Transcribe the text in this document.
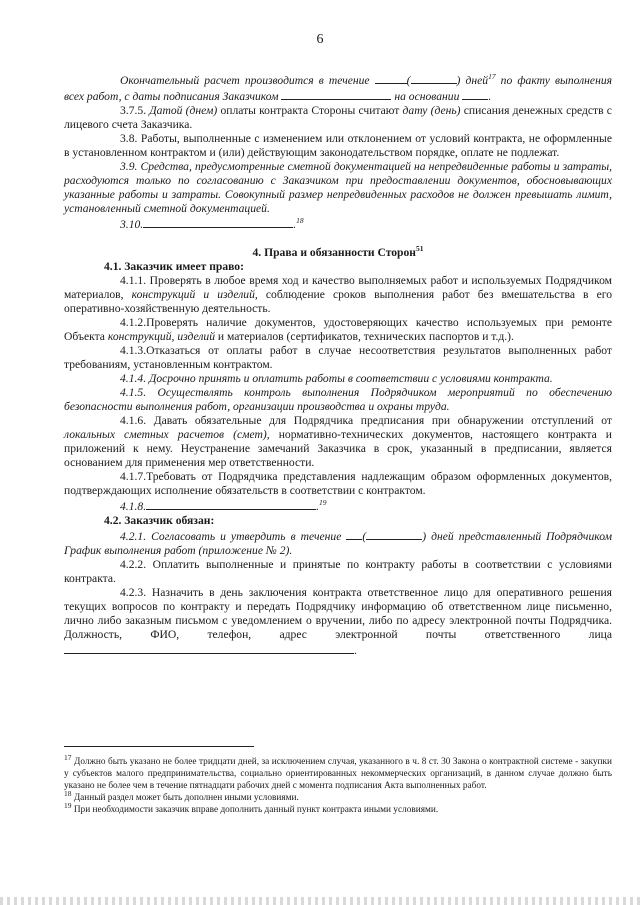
6

Окончательный расчет производится в течение	(	) дней$^{17}$ по факту выполнения всех работ, с даты подписания Заказчиком	на основании .

3.7.5. Датой (днем) оплаты контракта Стороны считают дату (день) списания денежных средств с лицевого счета Заказчика.

3.8. Работы, выполненные с изменением или отклонением от условий контракта, не оформленные в установленном контрактом и (или) действующим законодательством порядке, оплате не подлежат.

3.9. Средства, предусмотренные сметной документацией на непредвиденные работы и затраты, расходуются только по согласованию с Заказчиком при предоставлении документов, обосновывающих указанные работы и затраты. Совокупный размер непредвиденных расходов не должен превышать лимит, установленный сметной документацией.

3.10.	.$^{18}$

4. Права и обязанности Сторон$^{51}$

4.1. Заказчик имеет право:

4.1.1. Проверять в любое время ход и качество выполняемых работ и используемых Подрядчиком материалов, конструкций и изделий, соблюдение сроков выполнения работ без вмешательства в его оперативно-хозяйственную деятельность.

4.1.2.Проверять наличие документов, удостоверяющих качество используемых при ремонте Объекта конструкций, изделий и материалов (сертификатов, технических паспортов и т.д.).

4.1.3.Отказаться от оплаты работ в случае несоответствия результатов выполненных работ требованиям, установленным контрактом.

4.1.4. Досрочно принять и оплатить работы в соответствии с условиями контракта.

4.1.5. Осуществлять контроль выполнения Подрядчиком мероприятий по обеспечению безопасности выполнения работ, организации производства и охраны труда.

4.1.6. Давать обязательные для Подрядчика предписания при обнаружении отступлений от локальных сметных расчетов (смет), нормативно-технических документов, настоящего контракта и приложений к нему. Неустранение замечаний Заказчика в срок, указанный в предписании, является основанием для применения мер ответственности.

4.1.7.Требовать от Подрядчика представления надлежащим образом оформленных документов, подтверждающих исполнение обязательств в соответствии с контрактом.

4.1.8.	.$^{19}$

4.2. Заказчик обязан:

4.2.1. Согласовать и утвердить в течение (	) дней представленный Подрядчиком График выполнения работ (приложение № 2).

4.2.2. Оплатить выполненные и принятые по контракту работы в соответствии с условиями контракта.

4.2.3. Назначить в день заключения контракта ответственное лицо для оперативного решения текущих вопросов по контракту и передать Подрядчику информацию об ответственном лице письменно, лично либо заказным письмом с уведомлением о вручении, либо по адресу электронной почты Подрядчика. Должность, ФИО, телефон, адрес электронной почты ответственного лица.

$^{17}$ Должно быть указано не более тридцати дней, за исключением случая, указанного в ч. 8 ст. 30 Закона о контрактной системе - закупки у субъектов малого предпринимательства, социально ориентированных некоммерческих организаций, в данном случае должно быть указано не более чем в течение пятнадцати рабочих дней с момента подписания Акта выполненных работ.

$^{18}$ Данный раздел может быть дополнен иными условиями.

$^{19}$ При необходимости заказчик вправе дополнить данный пункт контракта иными условиями.
